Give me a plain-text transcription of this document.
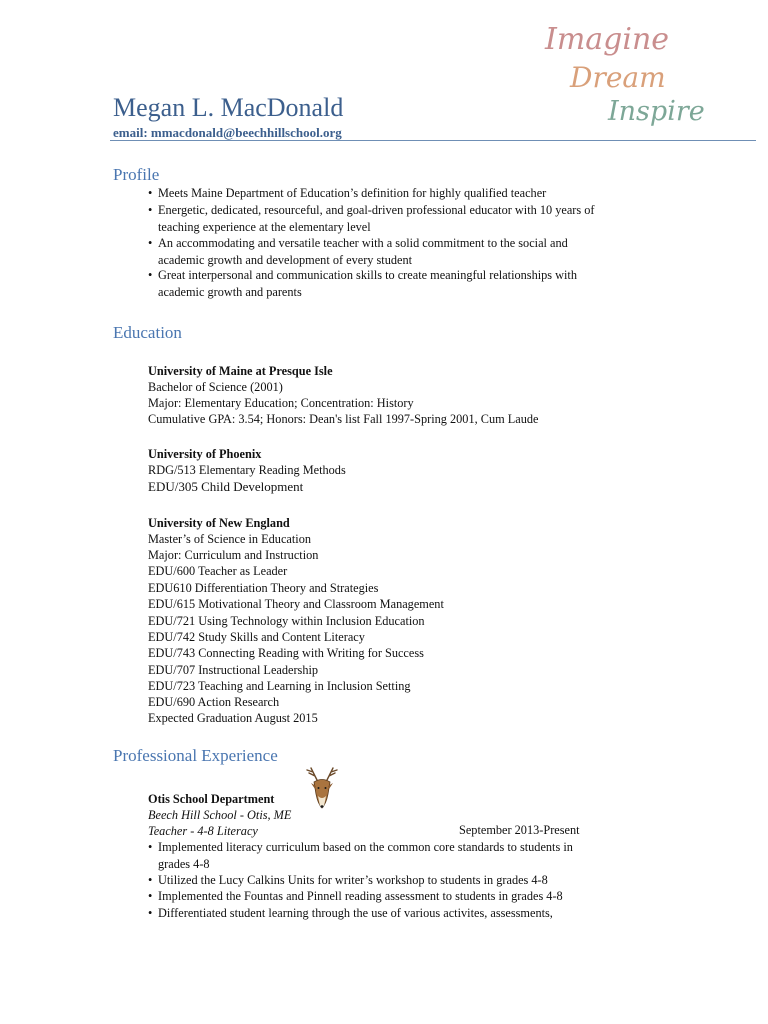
Imagine
Dream
Inspire
Megan L. MacDonald
email: mmacdonald@beechhillschool.org
Profile
• Meets Maine Department of Education’s definition for highly qualified teacher
• Energetic, dedicated, resourceful, and goal-driven professional educator with 10 years of
teaching experience at the elementary level
• An accommodating and versatile teacher with a solid commitment to the social and
academic growth and development of every student
• Great interpersonal and communication skills to create meaningful relationships with
academic growth and parents
Education
University of Maine at Presque Isle
Bachelor of Science (2001)
Major: Elementary Education; Concentration: History
Cumulative GPA: 3.54; Honors: Dean's list Fall 1997-Spring 2001, Cum Laude
University of Phoenix
RDG/513 Elementary Reading Methods
EDU/305 Child Development
University of New England
Master’s of Science in Education
Major: Curriculum and Instruction
EDU/600 Teacher as Leader
EDU610 Differentiation Theory and Strategies
EDU/615 Motivational Theory and Classroom Management
EDU/721 Using Technology within Inclusion Education
EDU/742 Study Skills and Content Literacy
EDU/743 Connecting Reading with Writing for Success
EDU/707 Instructional Leadership
EDU/723 Teaching and Learning in Inclusion Setting
EDU/690 Action Research
Expected Graduation August 2015
Professional Experience
Otis School Department
Beech Hill School - Otis, ME
Teacher - 4-8 Literacy	September 2013-Present
• Implemented literacy curriculum based on the common core standards to students in
grades 4-8
• Utilized the Lucy Calkins Units for writer’s workshop to students in grades 4-8
• Implemented the Fountas and Pinnell reading assessment to students in grades 4-8
• Differentiated student learning through the use of various activites, assessments,
